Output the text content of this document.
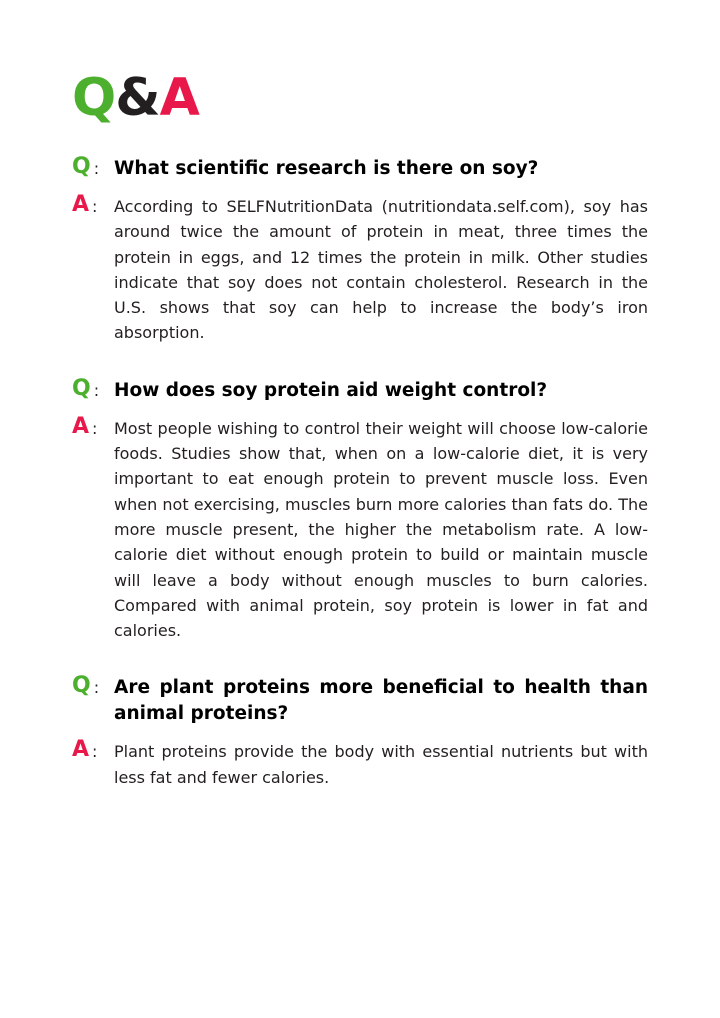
Q&A
Q : What scientific research is there on soy?

A : According to SELFNutritionData (nutritiondata.self.com), soy has around twice the amount of protein in meat, three times the protein in eggs, and 12 times the protein in milk. Other studies indicate that soy does not contain cholesterol. Research in the U.S. shows that soy can help to increase the body’s iron absorption.

Q : How does soy protein aid weight control?

A : Most people wishing to control their weight will choose low-calorie foods. Studies show that, when on a low-calorie diet, it is very important to eat enough protein to prevent muscle loss. Even when not exercising, muscles burn more calories than fats do. The more muscle present, the higher the metabolism rate. A low-calorie diet without enough protein to build or maintain muscle will leave a body without enough muscles to burn calories. Compared with animal protein, soy protein is lower in fat and calories.

Q : Are plant proteins more beneficial to health than animal proteins?

A : Plant proteins provide the body with essential nutrients but with less fat and fewer calories.
